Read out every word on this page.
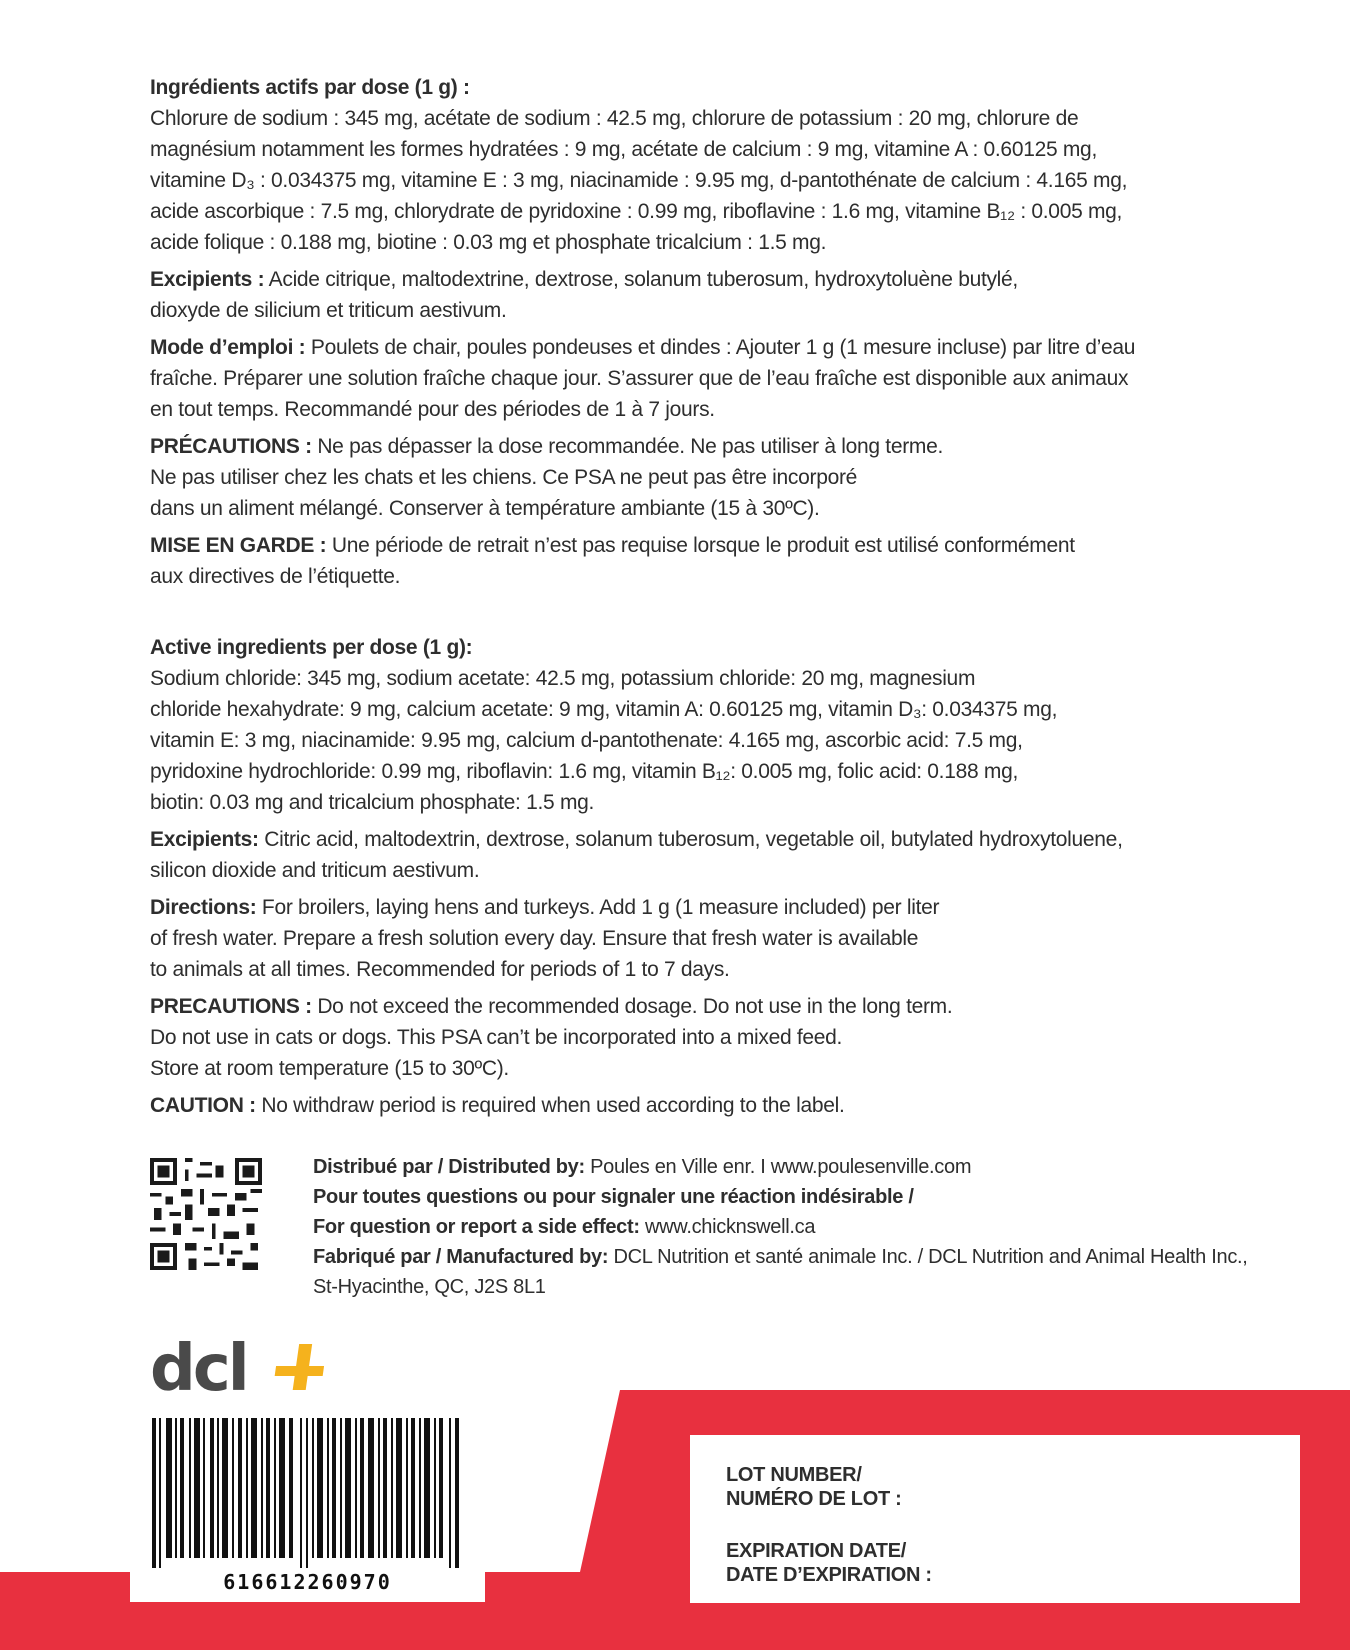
Ingrédients actifs par dose (1 g) :
Chlorure de sodium : 345 mg, acétate de sodium : 42.5 mg, chlorure de potassium : 20 mg, chlorure de
magnésium notamment les formes hydratées : 9 mg, acétate de calcium : 9 mg, vitamine A : 0.60125 mg,
vitamine D₃ : 0.034375 mg, vitamine E : 3 mg, niacinamide : 9.95 mg, d-pantothénate de calcium : 4.165 mg,
acide ascorbique : 7.5 mg, chlorydrate de pyridoxine : 0.99 mg, riboflavine : 1.6 mg, vitamine B₁₂ : 0.005 mg,
acide folique : 0.188 mg, biotine : 0.03 mg et phosphate tricalcium : 1.5 mg.
Excipients : Acide citrique, maltodextrine, dextrose, solanum tuberosum, hydroxytoluène butylé,
dioxyde de silicium et triticum aestivum.
Mode d’emploi : Poulets de chair, poules pondeuses et dindes : Ajouter 1 g (1 mesure incluse) par litre d’eau
fraîche. Préparer une solution fraîche chaque jour. S’assurer que de l’eau fraîche est disponible aux animaux
en tout temps. Recommandé pour des périodes de 1 à 7 jours.
PRÉCAUTIONS : Ne pas dépasser la dose recommandée. Ne pas utiliser à long terme.
Ne pas utiliser chez les chats et les chiens. Ce PSA ne peut pas être incorporé
dans un aliment mélangé. Conserver à température ambiante (15 à 30ºC).
MISE EN GARDE : Une période de retrait n’est pas requise lorsque le produit est utilisé conformément
aux directives de l’étiquette.
Active ingredients per dose (1 g):
Sodium chloride: 345 mg, sodium acetate: 42.5 mg, potassium chloride: 20 mg, magnesium
chloride hexahydrate: 9 mg, calcium acetate: 9 mg, vitamin A: 0.60125 mg, vitamin D₃: 0.034375 mg,
vitamin E: 3 mg, niacinamide: 9.95 mg, calcium d-pantothenate: 4.165 mg, ascorbic acid: 7.5 mg,
pyridoxine hydrochloride: 0.99 mg, riboflavin: 1.6 mg, vitamin B₁₂: 0.005 mg, folic acid: 0.188 mg,
biotin: 0.03 mg and tricalcium phosphate: 1.5 mg.
Excipients: Citric acid, maltodextrin, dextrose, solanum tuberosum, vegetable oil, butylated hydroxytoluene,
silicon dioxide and triticum aestivum.
Directions: For broilers, laying hens and turkeys. Add 1 g (1 measure included) per liter
of fresh water. Prepare a fresh solution every day. Ensure that fresh water is available
to animals at all times. Recommended for periods of 1 to 7 days.
PRECAUTIONS : Do not exceed the recommended dosage. Do not use in the long term.
Do not use in cats or dogs. This PSA can’t be incorporated into a mixed feed.
Store at room temperature (15 to 30ºC).
CAUTION : No withdraw period is required when used according to the label.
Distribué par / Distributed by: Poules en Ville enr. I www.poulesenville.com
Pour toutes questions ou pour signaler une réaction indésirable /
For question or report a side effect: www.chicknswell.ca
Fabriqué par / Manufactured by: DCL Nutrition et santé animale Inc. / DCL Nutrition and Animal Health Inc.,
St-Hyacinthe, QC, J2S 8L1
dcl
616612260970
LOT NUMBER/
NUMÉRO DE LOT :
EXPIRATION DATE/
DATE D’EXPIRATION :
